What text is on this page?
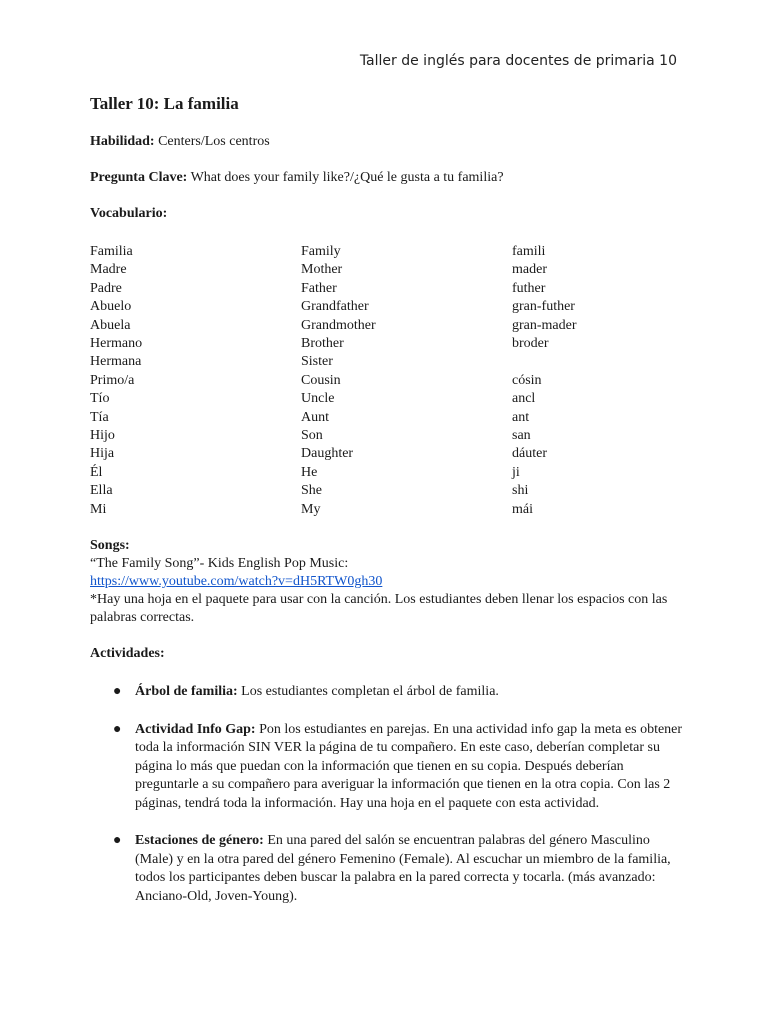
Taller de inglés para docentes de primaria 10
Taller 10: La familia

Habilidad: Centers/Los centros

Pregunta Clave: What does your family like?/¿Qué le gusta a tu familia?

Vocabulario:

Familia	Family	famili
Madre	Mother	mader
Padre	Father	futher
Abuelo	Grandfather	gran-futher
Abuela	Grandmother	gran-mader
Hermano	Brother	broder
Hermana	Sister	
Primo/a	Cousin	cósin
Tío	Uncle	ancl
Tía	Aunt	ant
Hijo	Son	san
Hija	Daughter	dáuter
Él	He	ji
Ella	She	shi
Mi	My	mái

Songs:

“The Family Song”- Kids English Pop Music:

https://www.youtube.com/watch?v=dH5RTW0gh30

*Hay una hoja en el paquete para usar con la canción. Los estudiantes deben llenar los espacios con las palabras correctas.

Actividades:

● Árbol de familia: Los estudiantes completan el árbol de familia.
● Actividad Info Gap: Pon los estudiantes en parejas. En una actividad info gap la meta es obtener toda la información SIN VER la página de tu compañero. En este caso, deberían completar su página lo más que puedan con la información que tienen en su copia. Después deberían preguntarle a su compañero para averiguar la información que tienen en la otra copia. Con las 2 páginas, tendrá toda la información. Hay una hoja en el paquete con esta actividad.
● Estaciones de género: En una pared del salón se encuentran palabras del género Masculino (Male) y en la otra pared del género Femenino (Female). Al escuchar un miembro de la familia, todos los participantes deben buscar la palabra en la pared correcta y tocarla. (más avanzado: Anciano-Old, Joven-Young).
